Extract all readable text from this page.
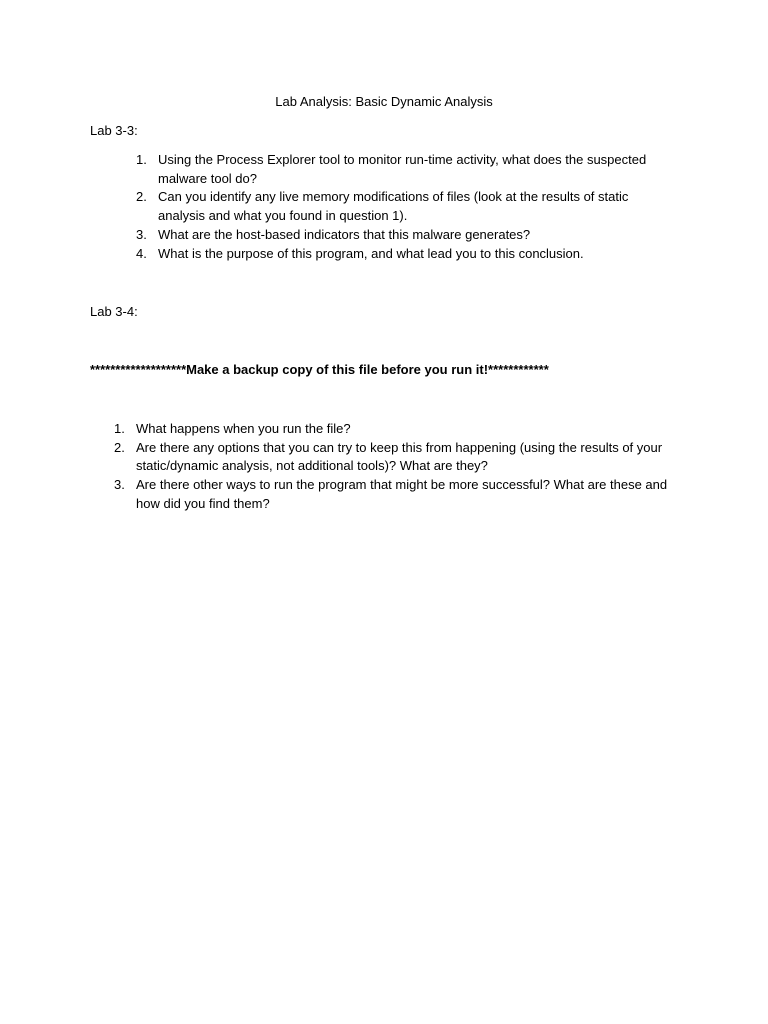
Lab Analysis: Basic Dynamic Analysis
Lab 3-3:
1. Using the Process Explorer tool to monitor run-time activity, what does the suspected malware tool do?
2. Can you identify any live memory modifications of files (look at the results of static analysis and what you found in question 1).
3. What are the host-based indicators that this malware generates?
4. What is the purpose of this program, and what lead you to this conclusion.
Lab 3-4:
*******************Make a backup copy of this file before you run it!************
1. What happens when you run the file?
2. Are there any options that you can try to keep this from happening (using the results of your static/dynamic analysis, not additional tools)? What are they?
3. Are there other ways to run the program that might be more successful? What are these and how did you find them?
